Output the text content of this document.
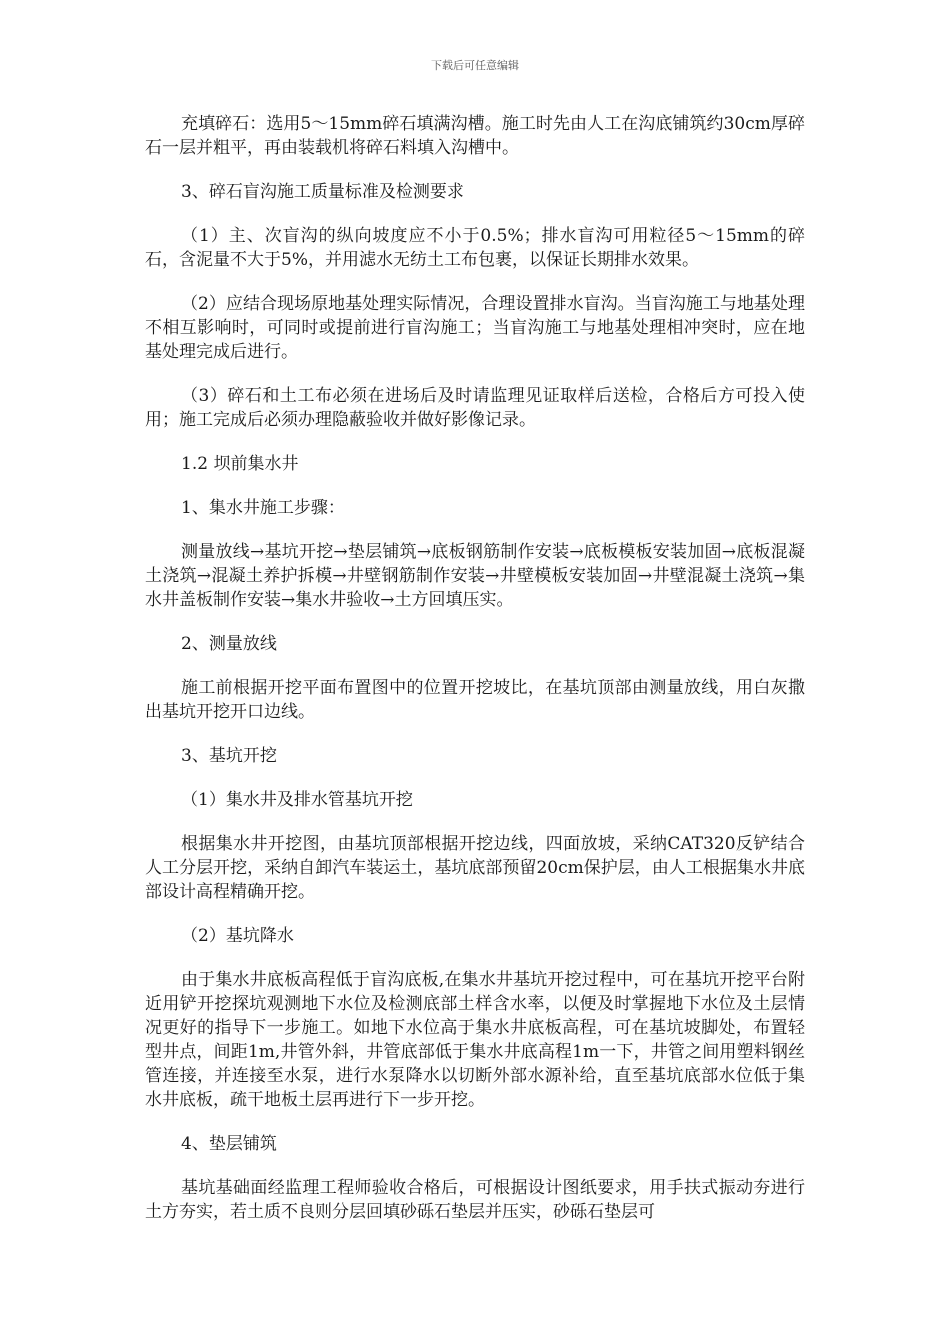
下载后可任意编辑

充填碎石：选用5～15mm碎石填满沟槽。施工时先由人工在沟底铺筑约30cm厚碎石一层并粗平，再由装载机将碎石料填入沟槽中。

3、碎石盲沟施工质量标准及检测要求

（1）主、次盲沟的纵向坡度应不小于0.5%；排水盲沟可用粒径5～15mm的碎石，含泥量不大于5%，并用滤水无纺土工布包裹，以保证长期排水效果。

（2）应结合现场原地基处理实际情况，合理设置排水盲沟。当盲沟施工与地基处理不相互影响时，可同时或提前进行盲沟施工；当盲沟施工与地基处理相冲突时，应在地基处理完成后进行。

（3）碎石和土工布必须在进场后及时请监理见证取样后送检，合格后方可投入使用；施工完成后必须办理隐蔽验收并做好影像记录。

1.2 坝前集水井

1、集水井施工步骤：

测量放线→基坑开挖→垫层铺筑→底板钢筋制作安装→底板模板安装加固→底板混凝土浇筑→混凝土养护拆模→井壁钢筋制作安装→井壁模板安装加固→井壁混凝土浇筑→集水井盖板制作安装→集水井验收→土方回填压实。

2、测量放线

施工前根据开挖平面布置图中的位置开挖坡比，在基坑顶部由测量放线，用白灰撒出基坑开挖开口边线。

3、基坑开挖

（1）集水井及排水管基坑开挖

根据集水井开挖图，由基坑顶部根据开挖边线，四面放坡，采纳CAT320反铲结合人工分层开挖，采纳自卸汽车装运土，基坑底部预留20cm保护层，由人工根据集水井底部设计高程精确开挖。

（2）基坑降水

由于集水井底板高程低于盲沟底板,在集水井基坑开挖过程中，可在基坑开挖平台附近用铲开挖探坑观测地下水位及检测底部土样含水率，以便及时掌握地下水位及土层情况更好的指导下一步施工。如地下水位高于集水井底板高程，可在基坑坡脚处，布置轻型井点，间距1m,井管外斜，井管底部低于集水井底高程1m一下，井管之间用塑料钢丝管连接，并连接至水泵，进行水泵降水以切断外部水源补给，直至基坑底部水位低于集水井底板，疏干地板土层再进行下一步开挖。

4、垫层铺筑

基坑基础面经监理工程师验收合格后，可根据设计图纸要求，用手扶式振动夯进行土方夯实，若土质不良则分层回填砂砾石垫层并压实，砂砾石垫层可
